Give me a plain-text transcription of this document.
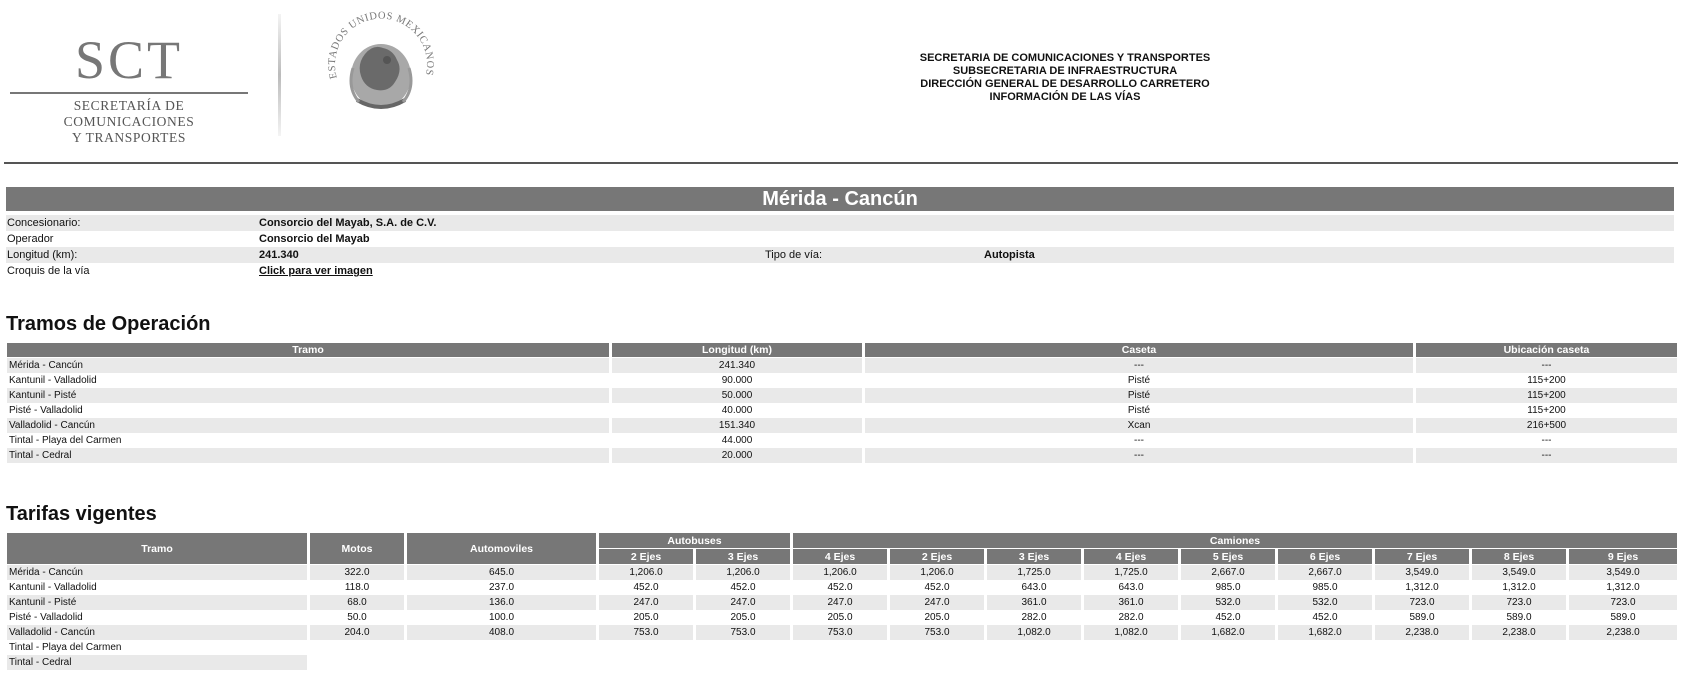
SCT
SECRETARÍA DE COMUNICACIONES
Y TRANSPORTES
ESTADOS UNIDOS MEXICANOS
SECRETARIA DE COMUNICACIONES Y TRANSPORTES
SUBSECRETARIA DE INFRAESTRUCTURA
DIRECCIÓN GENERAL DE DESARROLLO CARRETERO
INFORMACIÓN DE LAS VÍAS
Mérida - Cancún
Concesionario:	Consorcio del Mayab, S.A. de C.V.		
Operador	Consorcio del Mayab		
Longitud (km):	241.340	Tipo de vía:	Autopista
Croquis de la vía	Click para ver imagen		
Tramos de Operación
Tramo	Longitud (km)	Caseta	Ubicación caseta
Mérida - Cancún	241.340	---	---
Kantunil - Valladolid	90.000	Pisté	115+200
Kantunil - Pisté	50.000	Pisté	115+200
Pisté - Valladolid	40.000	Pisté	115+200
Valladolid - Cancún	151.340	Xcan	216+500
Tintal - Playa del Carmen	44.000	---	---
Tintal - Cedral	20.000	---	---
Tarifas vigentes
Tramo	Motos	Automoviles	Autobuses		Camiones								
			2 Ejes	3 Ejes	4 Ejes	2 Ejes	3 Ejes	4 Ejes	5 Ejes	6 Ejes	7 Ejes	8 Ejes	9 Ejes
Mérida - Cancún	322.0	645.0	1,206.0	1,206.0	1,206.0	1,206.0	1,725.0	1,725.0	2,667.0	2,667.0	3,549.0	3,549.0	3,549.0
Kantunil - Valladolid	118.0	237.0	452.0	452.0	452.0	452.0	643.0	643.0	985.0	985.0	1,312.0	1,312.0	1,312.0
Kantunil - Pisté	68.0	136.0	247.0	247.0	247.0	247.0	361.0	361.0	532.0	532.0	723.0	723.0	723.0
Pisté - Valladolid	50.0	100.0	205.0	205.0	205.0	205.0	282.0	282.0	452.0	452.0	589.0	589.0	589.0
Valladolid - Cancún	204.0	408.0	753.0	753.0	753.0	753.0	1,082.0	1,082.0	1,682.0	1,682.0	2,238.0	2,238.0	2,238.0
Tintal - Playa del Carmen													
Tintal - Cedral													
